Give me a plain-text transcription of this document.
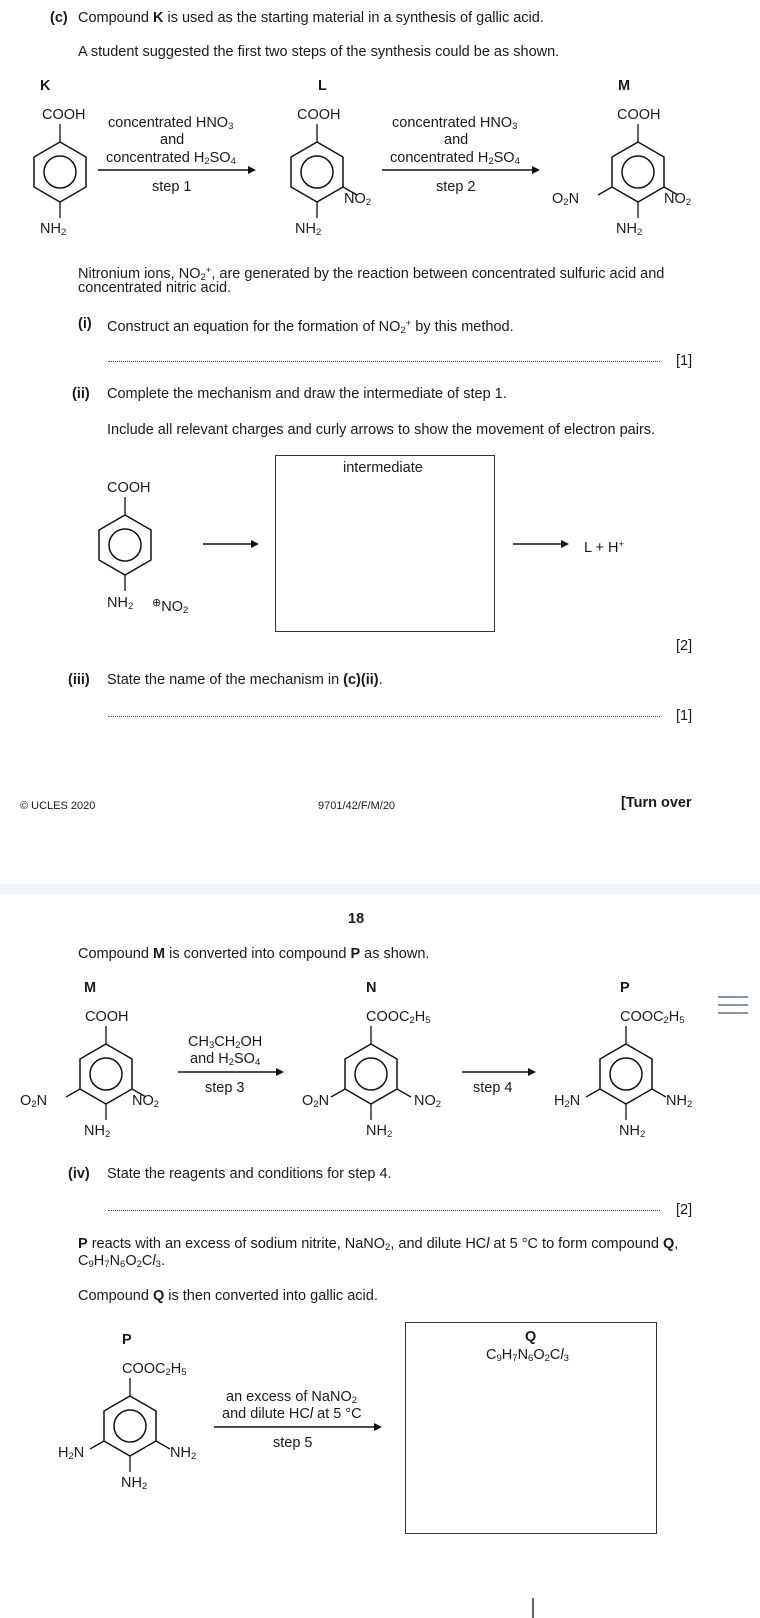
(c) Compound K is used as the starting material in a synthesis of gallic acid.
A student suggested the first two steps of the synthesis could be as shown.
K
COOH
$NH_2$
concentrated $HNO_3$
and
concentrated $H_2SO_4$
step 1
L
COOH
$NH_2$
$NO_2$
concentrated $HNO_3$
and
concentrated $H_2SO_4$
step 2
M
COOH
$NH_2$
$NO_2$
$O_2N$
Nitronium ions, $NO_2^+$, are generated by the reaction between concentrated sulfuric acid and
concentrated nitric acid.
(i) Construct an equation for the formation of $NO_2^+$ by this method.
[1]
(ii) Complete the mechanism and draw the intermediate of step 1.
Include all relevant charges and curly arrows to show the movement of electron pairs.
COOH
$NH_2$ $^\oplus NO_2$
intermediate
L + H+
[2]
(iii) State the name of the mechanism in (c)(ii).
[1]
© UCLES 2020	9701/42/F/M/20	[Turn over
18
Compound M is converted into compound P as shown.
M
COOH
$NH_2$
$NO_2$
$O_2N$
$CH_3CH_2OH$
and $H_2SO_4$
step 3
N
$COOC_2H_5$
$NH_2$
$NO_2$
$O_2N$
step 4
P
$COOC_2H_5$
$NH_2$
$NH_2$
$H_2N$
(iv) State the reagents and conditions for step 4.
[2]
P reacts with an excess of sodium nitrite, NaNO$_2$, and dilute HCl at 5 °C to form compound Q,
$C_9H_7N_6O_2Cl_3$.
Compound Q is then converted into gallic acid.
P
$COOC_2H_5$
$NH_2$
$NH_2$
$H_2N$
an excess of NaNO$_2$
and dilute HCl at 5 °C
step 5
Q
$C_9H_7N_6O_2Cl_3$
